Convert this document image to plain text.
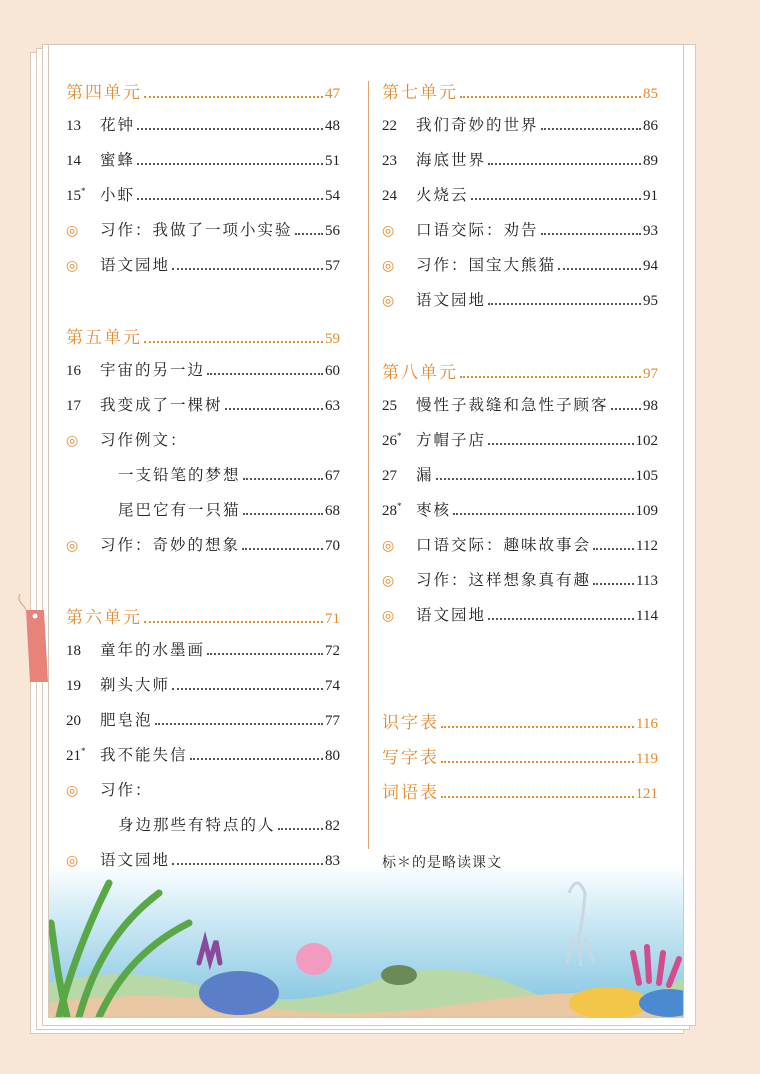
第四单元	47
13	花钟	48
14	蜜蜂	51
15* 小虾	54
◎	习作：我做了一项小实验 56
◎	语文园地	57
第五单元	59
16	宇宙的另一边	60
17	我变成了一棵树	63
◎	习作例文：
一支铅笔的梦想	67
尾巴它有一只猫	68
◎	习作：奇妙的想象	70
第六单元	71
18	童年的水墨画	72
19	剃头大师	74
20	肥皂泡	77
21* 我不能失信	80
◎	习作：
身边那些有特点的人	82
◎	语文园地	83
第七单元	85
22	我们奇妙的世界	86
23	海底世界	89
24	火烧云	91
◎	口语交际：劝告	93
◎	习作：国宝大熊猫	94
◎	语文园地	95
第八单元	97
25	慢性子裁缝和急性子顾客 98
26* 方帽子店	102
27	漏	105
28* 枣核	109
◎	口语交际：趣味故事会	112
◎	习作：这样想象真有趣	113
◎	语文园地	114
识字表	116
写字表	119
词语表	121
标＊的是略读课文
